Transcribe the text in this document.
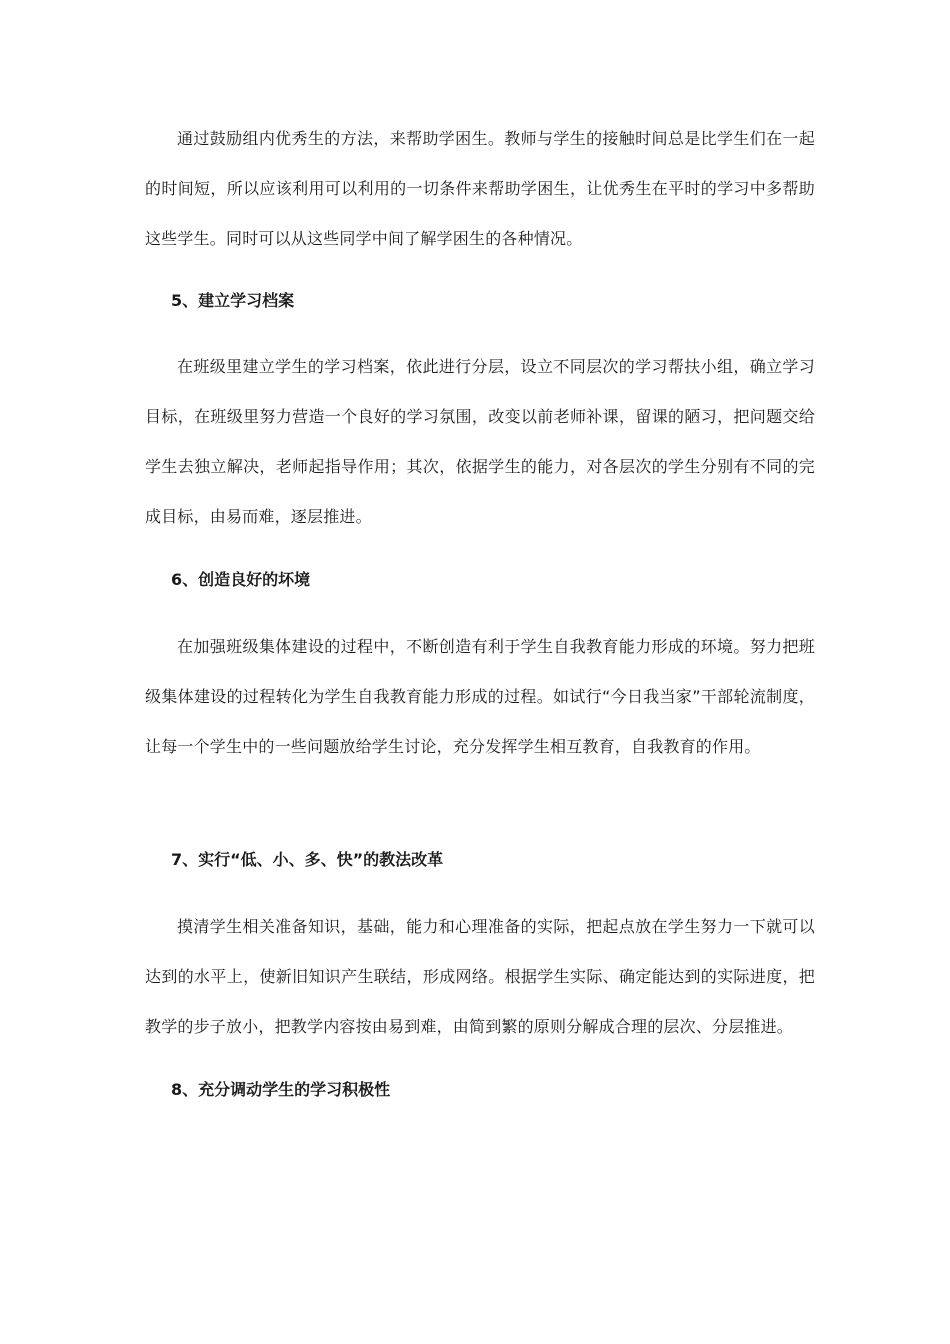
通过鼓励组内优秀生的方法，来帮助学困生。教师与学生的接触时间总是比学生们在一起的时间短，所以应该利用可以利用的一切条件来帮助学困生，让优秀生在平时的学习中多帮助这些学生。同时可以从这些同学中间了解学困生的各种情况。

5、建立学习档案

在班级里建立学生的学习档案，依此进行分层，设立不同层次的学习帮扶小组，确立学习目标，在班级里努力营造一个良好的学习氛围，改变以前老师补课，留课的陋习，把问题交给学生去独立解决，老师起指导作用；其次，依据学生的能力，对各层次的学生分别有不同的完成目标，由易而难，逐层推进。

6、创造良好的坏境

在加强班级集体建设的过程中，不断创造有利于学生自我教育能力形成的环境。努力把班级集体建设的过程转化为学生自我教育能力形成的过程。如试行“今日我当家”干部轮流制度，让每一个学生中的一些问题放给学生讨论，充分发挥学生相互教育，自我教育的作用。

7、实行“低、小、多、快”的教法改革

摸清学生相关准备知识，基础，能力和心理准备的实际，把起点放在学生努力一下就可以达到的水平上，使新旧知识产生联结，形成网络。根据学生实际、确定能达到的实际进度，把教学的步子放小，把教学内容按由易到难，由简到繁的原则分解成合理的层次、分层推进。

8、充分调动学生的学习积极性
